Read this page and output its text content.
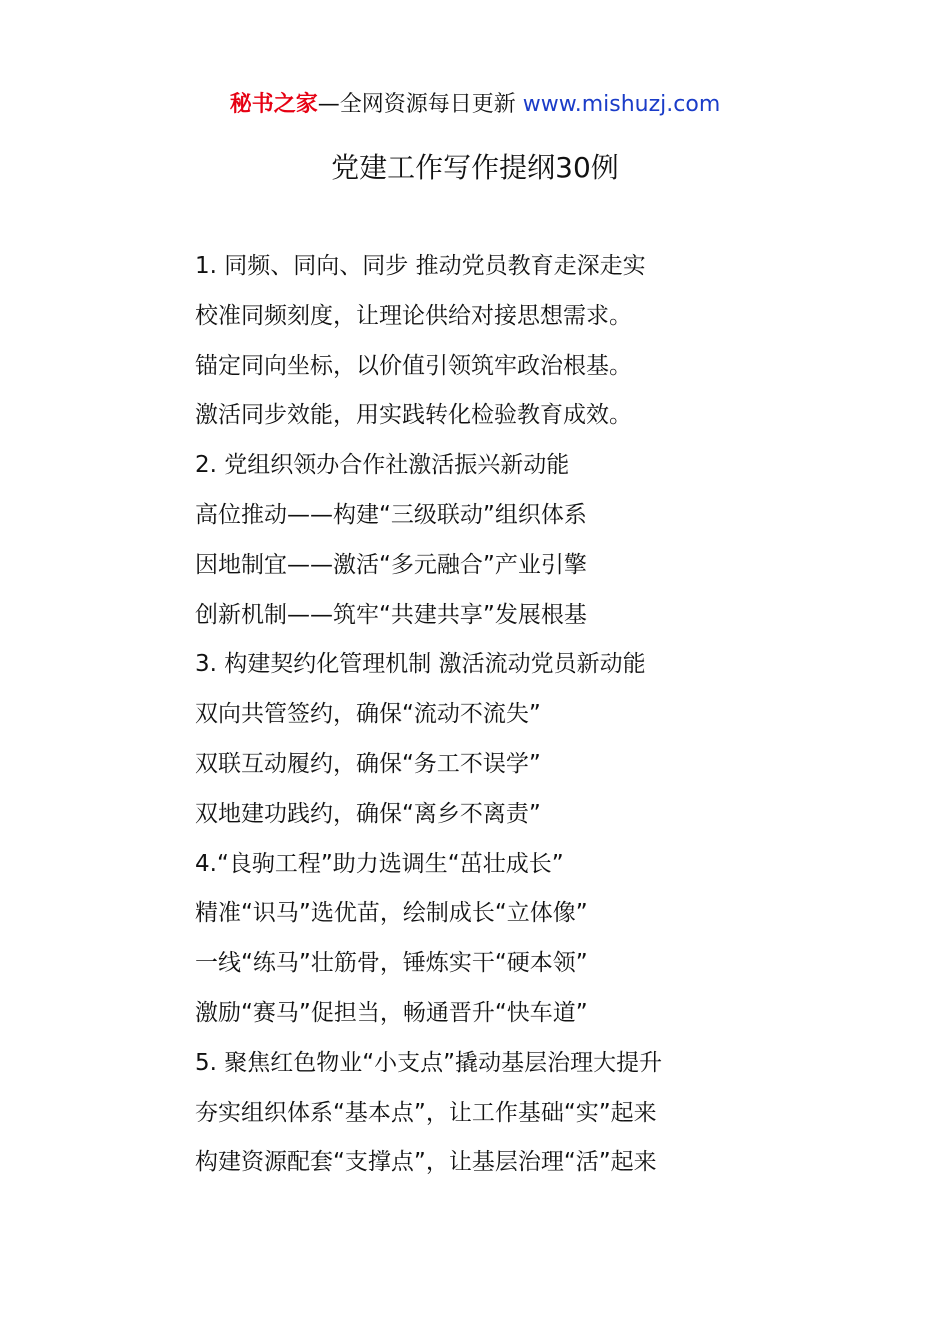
秘书之家—全网资源每日更新 www.mishuzj.com
党建工作写作提纲30例
1. 同频、同向、同步 推动党员教育走深走实
校准同频刻度，让理论供给对接思想需求。
锚定同向坐标，以价值引领筑牢政治根基。
激活同步效能，用实践转化检验教育成效。
2. 党组织领办合作社激活振兴新动能
高位推动——构建“三级联动”组织体系
因地制宜——激活“多元融合”产业引擎
创新机制——筑牢“共建共享”发展根基
3. 构建契约化管理机制 激活流动党员新动能
双向共管签约，确保“流动不流失”
双联互动履约，确保“务工不误学”
双地建功践约，确保“离乡不离责”
4.“良驹工程”助力选调生“茁壮成长”
精准“识马”选优苗，绘制成长“立体像”
一线“练马”壮筋骨，锤炼实干“硬本领”
激励“赛马”促担当，畅通晋升“快车道”
5. 聚焦红色物业“小支点”撬动基层治理大提升
夯实组织体系“基本点”，让工作基础“实”起来
构建资源配套“支撑点”，让基层治理“活”起来
